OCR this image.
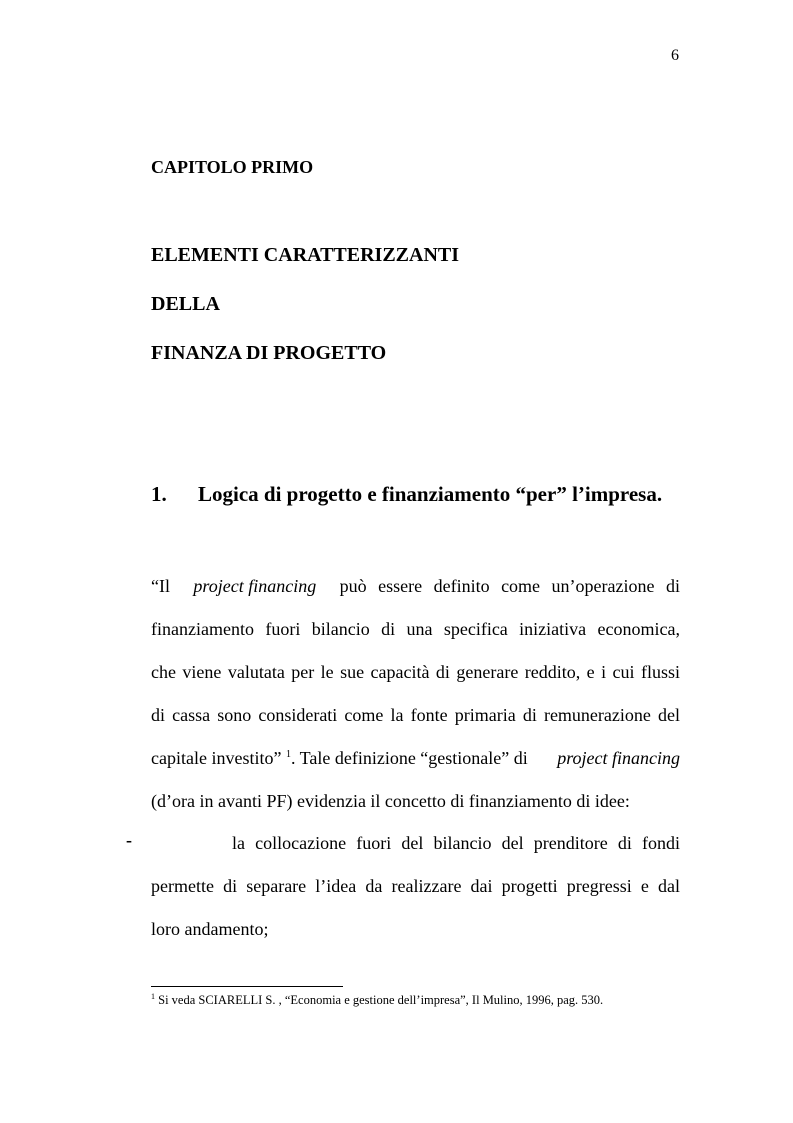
6
CAPITOLO PRIMO
ELEMENTI CARATTERIZZANTI
DELLA
FINANZA DI PROGETTO
1. Logica di progetto e finanziamento “per” l’impresa.
“Il project financing può essere definito come un’operazione di
finanziamento fuori bilancio di una specifica iniziativa economica,
che viene valutata per le sue capacità di generare reddito, e i cui flussi
di cassa sono considerati come la fonte primaria di remunerazione del
capitale investito” $^1$. Tale definizione “gestionale” di project financing
(d’ora in avanti PF) evidenzia il concetto di finanziamento di idee:
-	la collocazione fuori del bilancio del prenditore di fondi
permette di separare l’idea da realizzare dai progetti pregressi e dal
loro andamento;
$^1$ Si veda SCIARELLI S. , “Economia e gestione dell’impresa”, Il Mulino, 1996, pag. 530.
